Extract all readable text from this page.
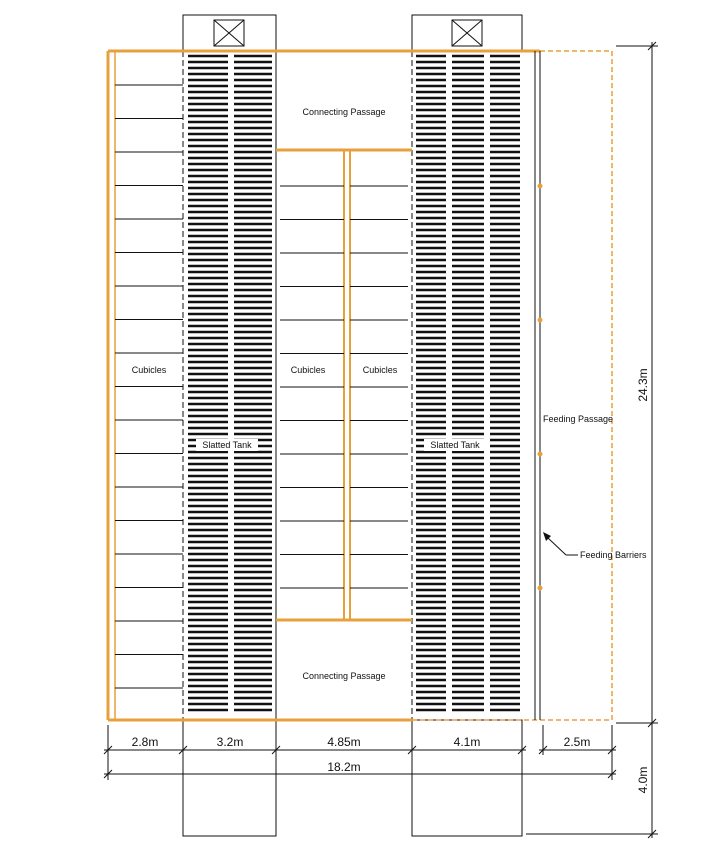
Connecting Passage
Connecting Passage
Cubicles	Cubicles	Cubicles
Slatted Tank	Slatted Tank
Feeding Passage
Feeding Barriers
2.8m	3.2m	4.85m	4.1m	2.5m
18.2m
24.3m
4.0m
